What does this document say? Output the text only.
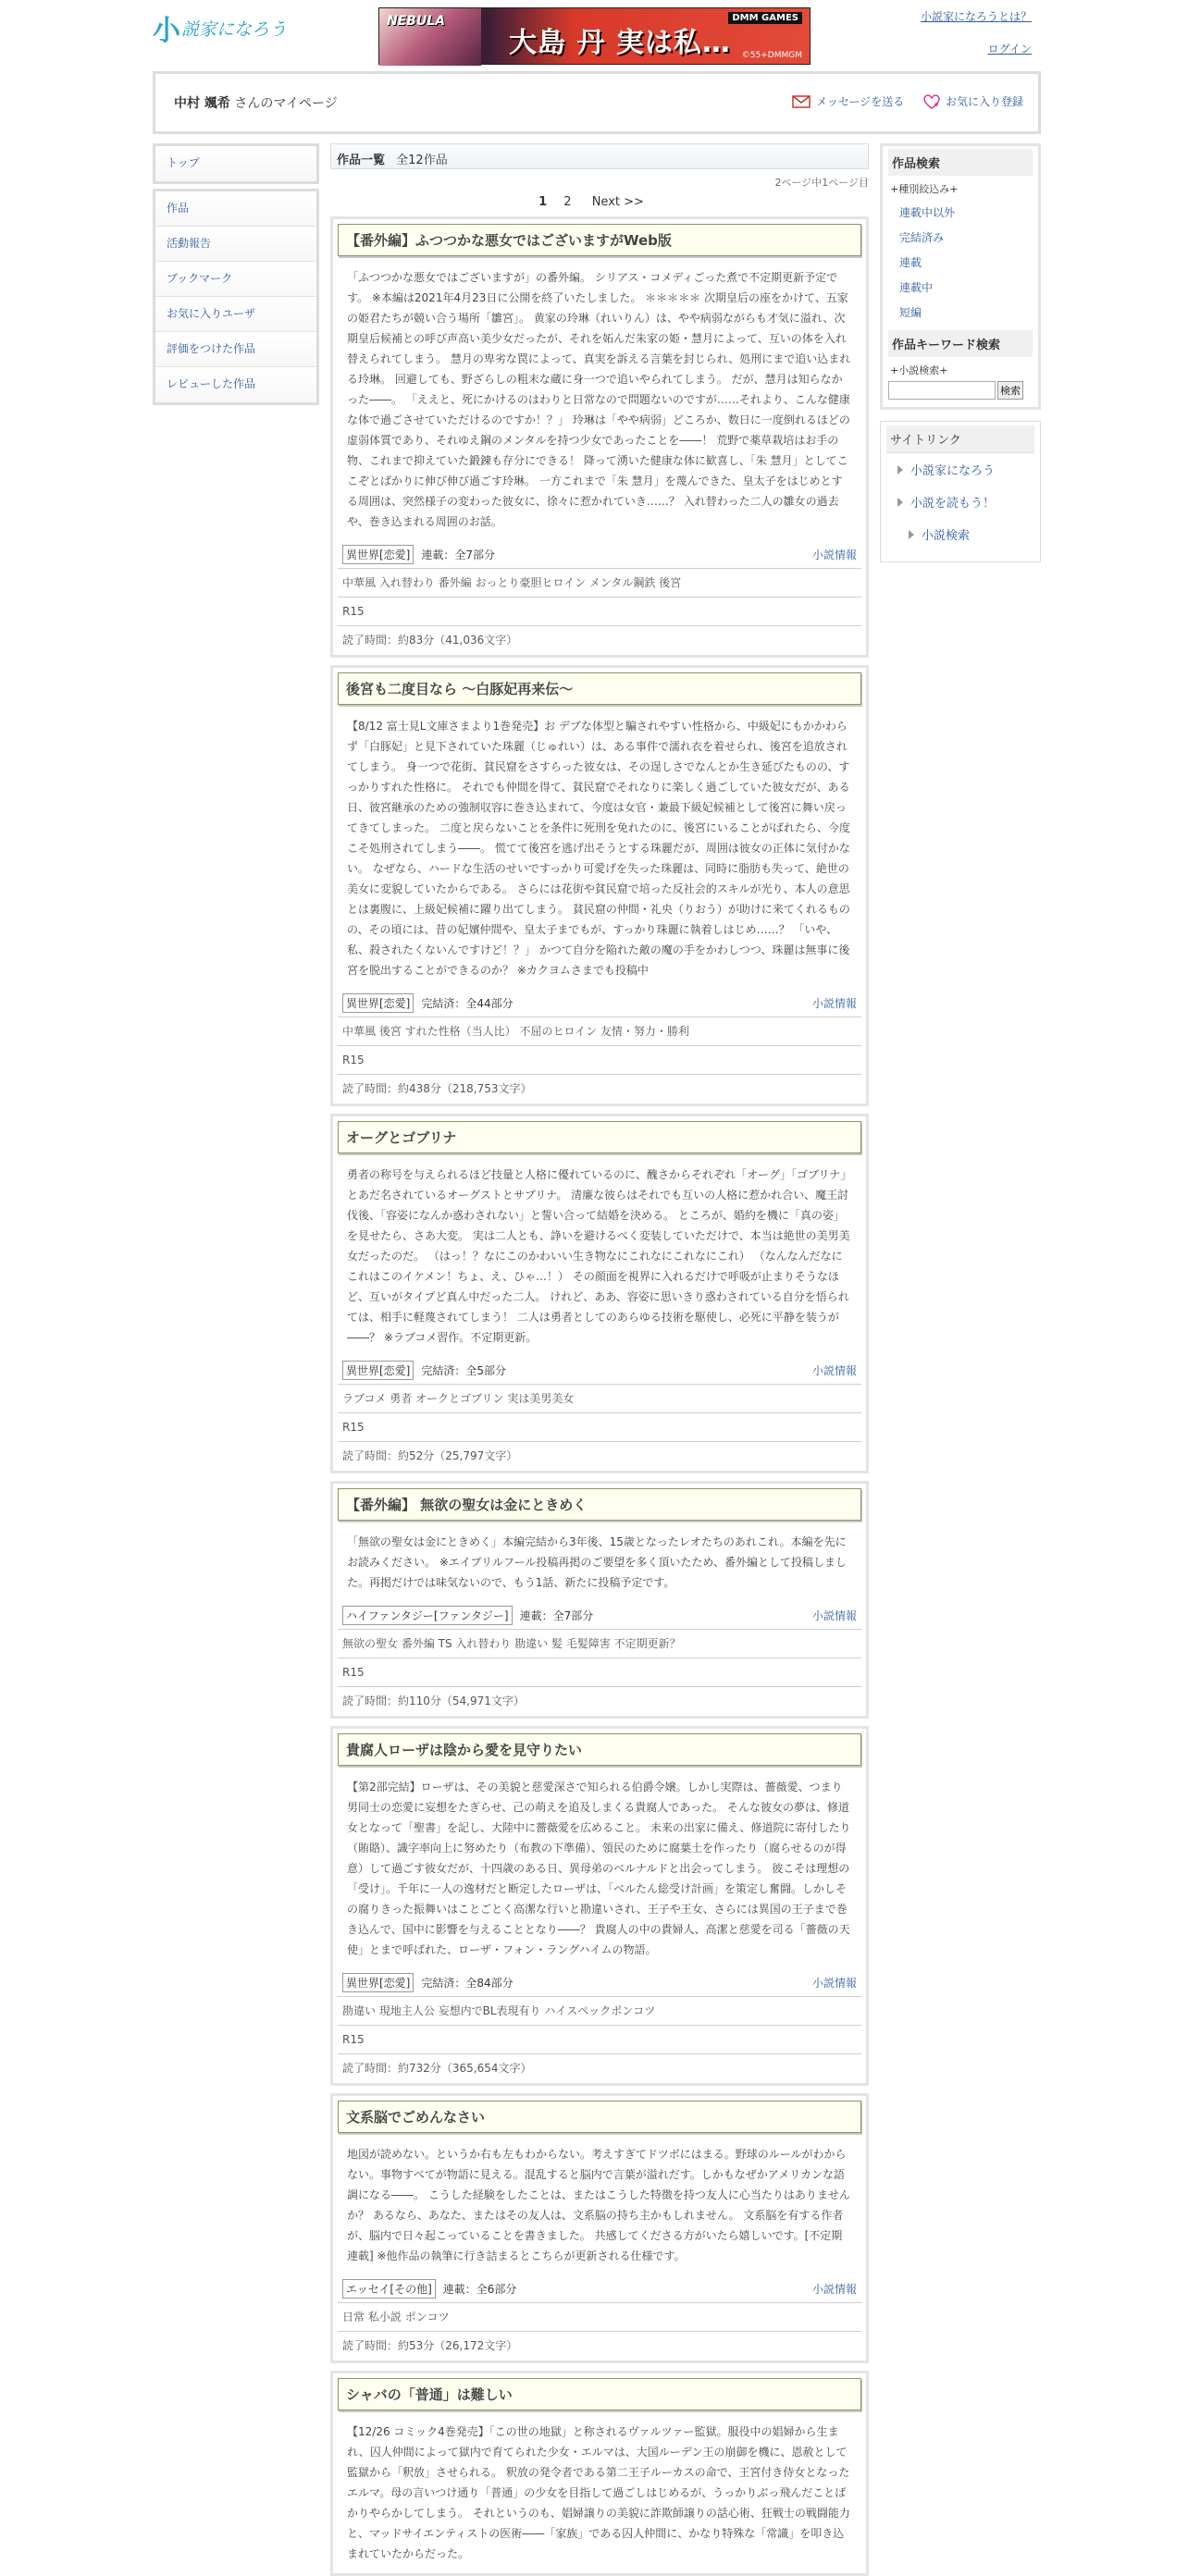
小 説家になろう	NEBULA
大島 丹 実は私…
DMM GAMES
©55+DMMGM
小説家になろうとは？
ログイン
中村 颯希 さんのマイページ	メッセージを送る	お気に入り登録
トップ
作品
活動報告
ブックマーク
お気に入りユーザ
評価をつけた作品
レビューした作品
作品一覧 全12作品
2ページ中1ページ目
1 2 Next >>
【番外編】ふつつかな悪女ではございますがWeb版
「ふつつかな悪女ではございますが」の番外編。 シリアス・コメディごった煮で不定期更新予定です。 ※本編は2021年4月23日に公開を終了いたしました。 ＊＊＊＊＊ 次期皇后の座をかけて、五家の姫君たちが競い合う場所「雛宮」。 黄家の玲琳（れいりん）は、やや病弱ながらも才気に溢れ、次期皇后候補との呼び声高い美少女だったが、それを妬んだ朱家の姫・慧月によって、互いの体を入れ替えられてしまう。 慧月の卑劣な罠によって、真実を訴える言葉を封じられ、処刑にまで追い込まれる玲琳。 回避しても、野ざらしの粗末な蔵に身一つで追いやられてしまう。 だが、慧月は知らなかった――。 「ええと、死にかけるのはわりと日常なので問題ないのですが……それより、こんな健康な体で過ごさせていただけるのですか！？」 玲琳は「やや病弱」どころか、数日に一度倒れるほどの虚弱体質であり、それゆえ鋼のメンタルを持つ少女であったことを――！ 荒野で薬草栽培はお手の物、これまで抑えていた鍛錬も存分にできる！ 降って湧いた健康な体に歓喜し、「朱 慧月」としてここぞとばかりに伸び伸び過ごす玲琳。 一方これまで「朱 慧月」を蔑んできた、皇太子をはじめとする周囲は、突然様子の変わった彼女に、徐々に惹かれていき……？ 入れ替わった二人の雛女の過去や、巻き込まれる周囲のお話。
異世界[恋愛]	連載：全7部分	小説情報
中華風 入れ替わり 番外編 おっとり豪胆ヒロイン メンタル鋼鉄 後宮
R15
読了時間：約83分（41,036文字）
後宮も二度目なら 〜白豚妃再来伝〜
【8/12 富士見L文庫さまより1巻発売】お デブな体型と騙されやすい性格から、中級妃にもかかわらず「白豚妃」と見下されていた珠麗（じゅれい）は、ある事件で濡れ衣を着せられ、後宮を追放されてしまう。 身一つで花街、貧民窟をさすらった彼女は、その逞しさでなんとか生き延びたものの、すっかりすれた性格に。 それでも仲間を得て、貧民窟でそれなりに楽しく過ごしていた彼女だが、ある日、彼宮継承のための強制収容に巻き込まれて、今度は女官・兼最下級妃候補として後宮に舞い戻ってきてしまった。 二度と戻らないことを条件に死刑を免れたのに、後宮にいることがばれたら、今度こそ処刑されてしまう――。 慌てて後宮を逃げ出そうとする珠麗だが、周囲は彼女の正体に気付かない。 なぜなら、ハードな生活のせいですっかり可愛げを失った珠麗は、同時に脂肪も失って、絶世の美女に変貌していたからである。 さらには花街や貧民窟で培った反社会的スキルが光り、本人の意思とは裏腹に、上級妃候補に躍り出てしまう。 貧民窟の仲間・礼央（りおう）が助けに来てくれるものの、その頃には、昔の妃嬪仲間や、皇太子までもが、すっかり珠麗に執着しはじめ……？ 「いや、私、殺されたくないんですけど！？」 かつて自分を陥れた敵の魔の手をかわしつつ、珠麗は無事に後宮を脱出することができるのか？ ※カクヨムさまでも投稿中
異世界[恋愛]	完結済：全44部分	小説情報
中華風 後宮 すれた性格（当人比） 不屈のヒロイン 友情・努力・勝利
R15
読了時間：約438分（218,753文字）
オーグとゴブリナ
勇者の称号を与えられるほど技量と人格に優れているのに、醜さからそれぞれ「オーグ」「ゴブリナ」とあだ名されているオーグストとサブリナ。 清廉な彼らはそれでも互いの人格に惹かれ合い、魔王討伐後、「容姿になんか惑わされない」と誓い合って結婚を決める。 ところが、婚約を機に「真の姿」を見せたら、さあ大変。 実は二人とも、諍いを避けるべく変装していただけで、本当は絶世の美男美女だったのだ。 （はっ！？なにこのかわいい生き物なにこれなにこれなにこれ） （なんなんだなにこれはこのイケメン！ちょ、え、ひゃ…！） その顔面を視界に入れるだけで呼吸が止まりそうなほど、互いがタイプど真ん中だった二人。 けれど、ああ、容姿に思いきり惑わされている自分を悟られては、相手に軽蔑されてしまう！ 二人は勇者としてのあらゆる技術を駆使し、必死に平静を装うが――？ ※ラブコメ習作。不定期更新。
異世界[恋愛]	完結済：全5部分	小説情報
ラブコメ 勇者 オークとゴブリン 実は美男美女
R15
読了時間：約52分（25,797文字）
【番外編】 無欲の聖女は金にときめく
「無欲の聖女は金にときめく」本編完結から3年後、15歳となったレオたちのあれこれ。本編を先にお読みください。 ※エイプリルフール投稿再掲のご要望を多く頂いたため、番外編として投稿しました。再掲だけでは味気ないので、もう1話、新たに投稿予定です。
ハイファンタジー[ファンタジー]	連載：全7部分	小説情報
無欲の聖女 番外編 TS 入れ替わり 勘違い 髪 毛髪障害 不定期更新？
R15
読了時間：約110分（54,971文字）
貴腐人ローザは陰から愛を見守りたい
【第2部完結】ローザは、その美貌と慈愛深さで知られる伯爵令嬢。しかし実際は、薔薇愛、つまり男同士の恋愛に妄想をたぎらせ、己の萌えを追及しまくる貴腐人であった。 そんな彼女の夢は、修道女となって「聖書」を記し、大陸中に薔薇愛を広めること。 未来の出家に備え、修道院に寄付したり（賄賂）、識字率向上に努めたり（布教の下準備）、領民のために腐葉土を作ったり（腐らせるのが得意）して過ごす彼女だが、十四歳のある日、異母弟のベルナルドと出会ってしまう。 彼こそは理想の「受け」。千年に一人の逸材だと断定したローザは、「ベルたん総受け計画」を策定し奮闘。しかしその腐りきった振舞いはことごとく高潔な行いと勘違いされ、王子や王女、さらには異国の王子まで巻き込んで、国中に影響を与えることとなり――？ 貴腐人の中の貴婦人、高潔と慈愛を司る「薔薇の天使」とまで呼ばれた、ローザ・フォン・ラングハイムの物語。
異世界[恋愛]	完結済：全84部分	小説情報
勘違い 現地主人公 妄想内でBL表現有り ハイスペックポンコツ
R15
読了時間：約732分（365,654文字）
文系脳でごめんなさい
地図が読めない。というか右も左もわからない。考えすぎてドツボにはまる。野球のルールがわからない。事物すべてが物語に見える。混乱すると脳内で言葉が溢れだす。しかもなぜかアメリカンな語調になる――。 こうした経験をしたことは、またはこうした特徴を持つ友人に心当たりはありませんか？ あるなら、あなた、またはその友人は、文系脳の持ち主かもしれません。 文系脳を有する作者が、脳内で日々起こっていることを書きました。 共感してくださる方がいたら嬉しいです。[不定期連載] ※他作品の執筆に行き詰まるとこちらが更新される仕様です。
エッセイ[その他]	連載：全6部分	小説情報
日常 私小説 ポンコツ
読了時間：約53分（26,172文字）
シャバの「普通」は難しい
【12/26 コミック4巻発売】「この世の地獄」と称されるヴァルツァー監獄。服役中の娼婦から生まれ、囚人仲間によって獄内で育てられた少女・エルマは、大国ルーデン王の崩御を機に、恩赦として監獄から「釈放」させられる。 釈放の発令者である第二王子ルーカスの命で、王宮付き侍女となったエルマ。母の言いつけ通り「普通」の少女を目指して過ごしはじめるが、うっかりぶっ飛んだことばかりやらかしてしまう。 それというのも、娼婦譲りの美貌に詐欺師譲りの話心術、狂戦士の戦闘能力と、マッドサイエンティストの医術――「家族」である囚人仲間に、かなり特殊な「常識」を叩き込まれていたからだった。
作品検索
+種別絞込み+
連載中以外
完結済み
連載
連載中
短編
作品キーワード検索
+小説検索+
検索
サイトリンク
小説家になろう
小説を読もう！
小説検索
